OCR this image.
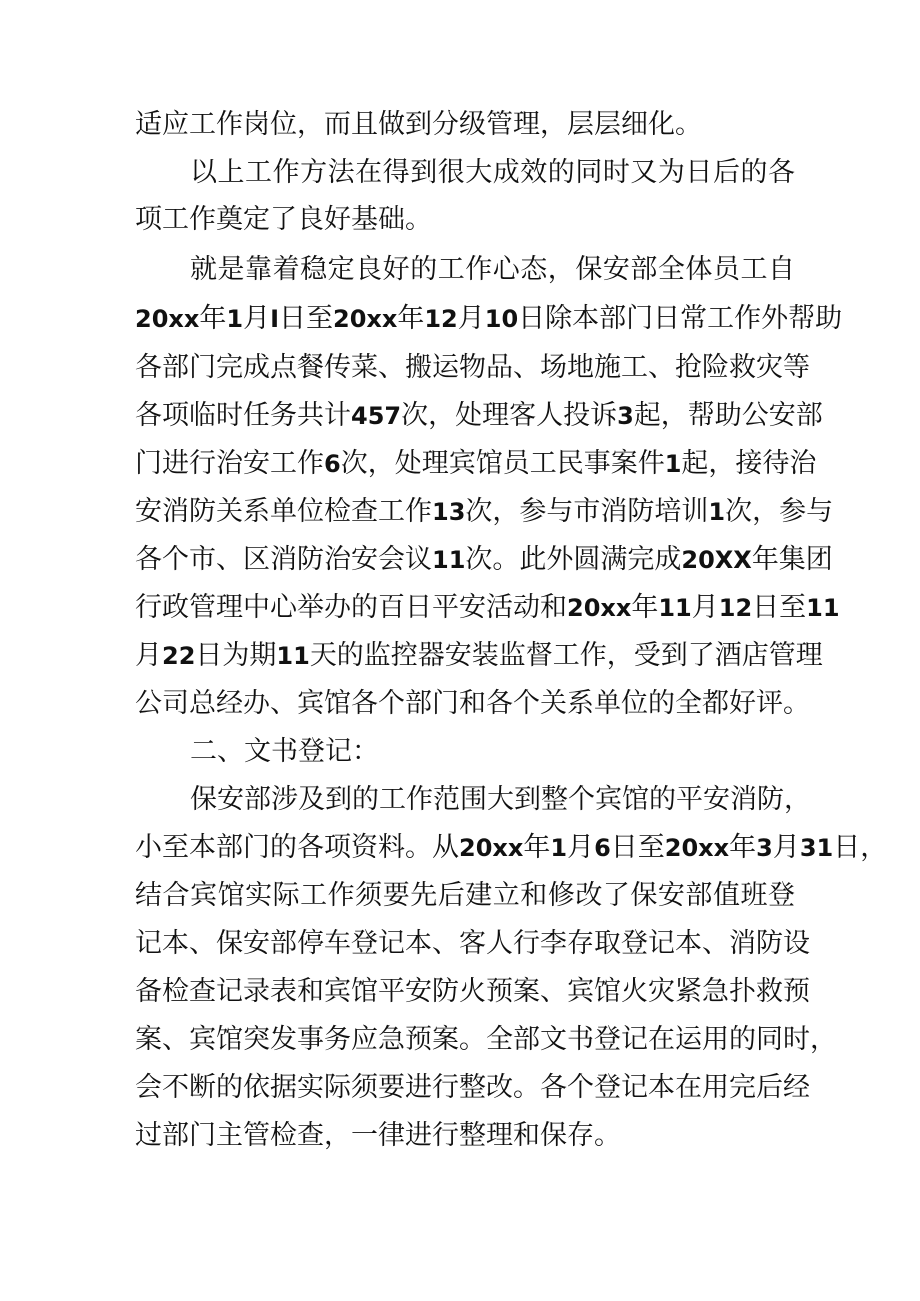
适应工作岗位，而且做到分级管理，层层细化。
以上工作方法在得到很大成效的同时又为日后的各
项工作奠定了良好基础。
就是靠着稳定良好的工作心态，保安部全体员工自
20xx年1月I日至20xx年12月10日除本部门日常工作外帮助
各部门完成点餐传菜、搬运物品、场地施工、抢险救灾等
各项临时任务共计457次，处理客人投诉3起，帮助公安部
门进行治安工作6次，处理宾馆员工民事案件1起，接待治
安消防关系单位检查工作13次，参与市消防培训1次，参与
各个市、区消防治安会议11次。此外圆满完成20XX年集团
行政管理中心举办的百日平安活动和20xx年11月12日至11
月22日为期11天的监控器安装监督工作，受到了酒店管理
公司总经办、宾馆各个部门和各个关系单位的全都好评。
二、文书登记：
保安部涉及到的工作范围大到整个宾馆的平安消防，
小至本部门的各项资料。从20xx年1月6日至20xx年3月31日，
结合宾馆实际工作须要先后建立和修改了保安部值班登
记本、保安部停车登记本、客人行李存取登记本、消防设
备检查记录表和宾馆平安防火预案、宾馆火灾紧急扑救预
案、宾馆突发事务应急预案。全部文书登记在运用的同时，
会不断的依据实际须要进行整改。各个登记本在用完后经
过部门主管检查，一律进行整理和保存。
